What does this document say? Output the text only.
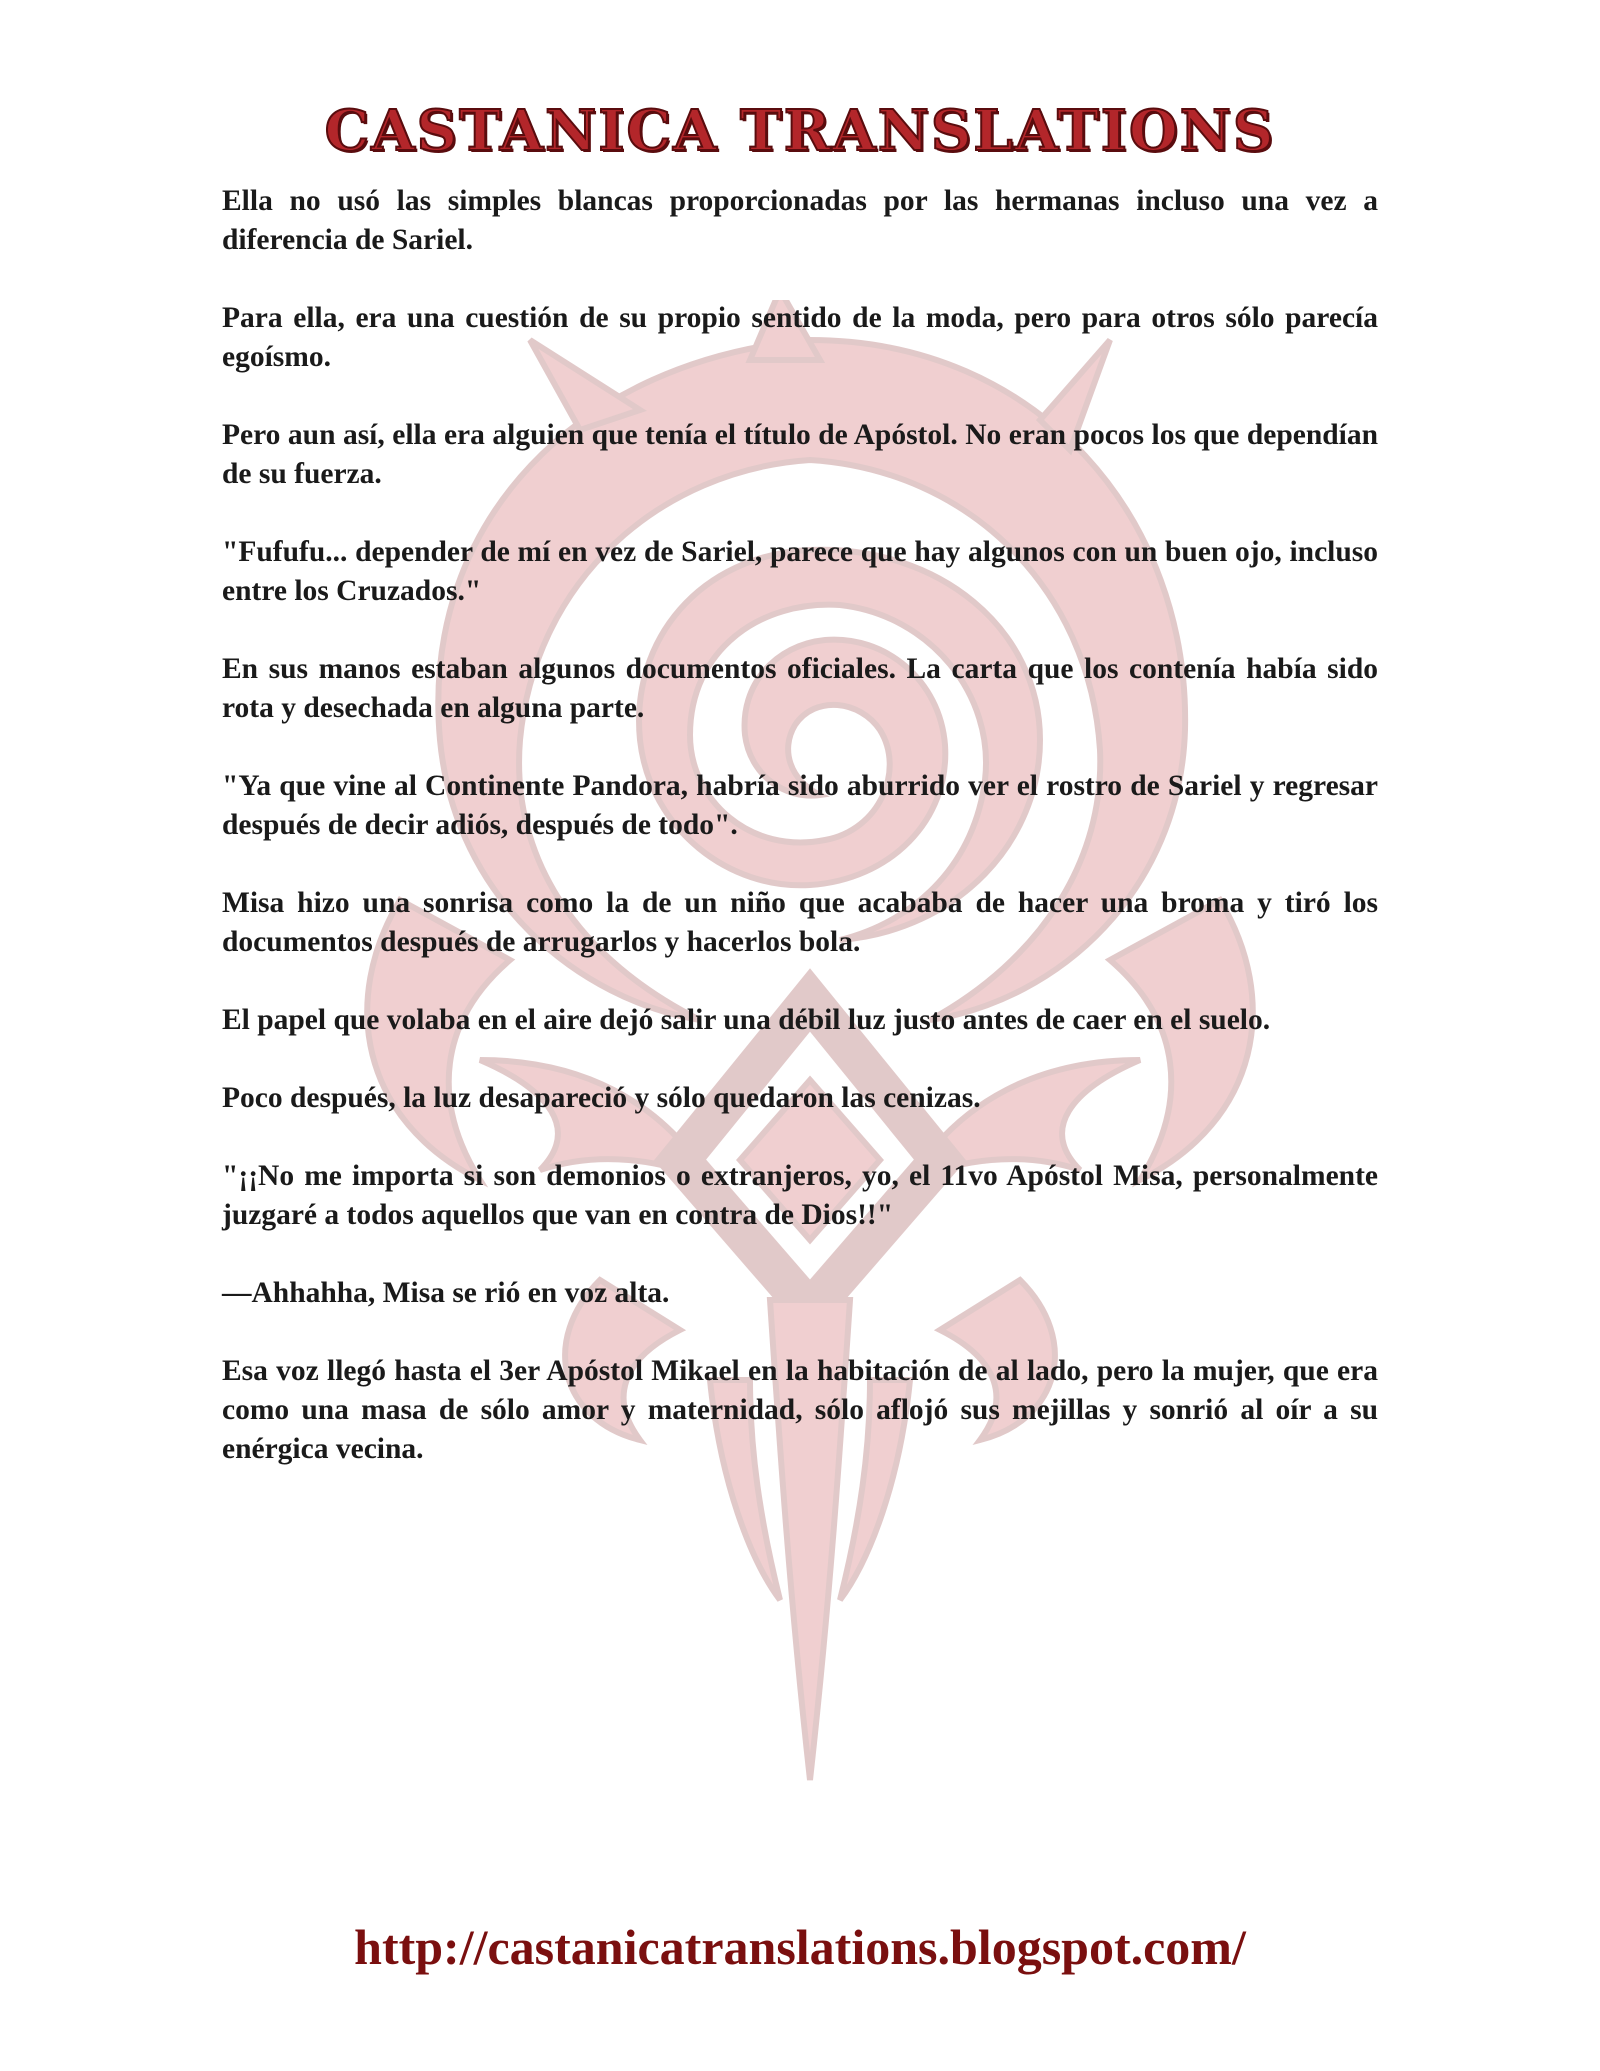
CASTANICA TRANSLATIONS

Ella no usó las simples blancas proporcionadas por las hermanas incluso una vez a diferencia de Sariel.

Para ella, era una cuestión de su propio sentido de la moda, pero para otros sólo parecía egoísmo.

Pero aun así, ella era alguien que tenía el título de Apóstol. No eran pocos los que dependían de su fuerza.

"Fufufu... depender de mí en vez de Sariel, parece que hay algunos con un buen ojo, incluso entre los Cruzados."

En sus manos estaban algunos documentos oficiales. La carta que los contenía había sido rota y desechada en alguna parte.

"Ya que vine al Continente Pandora, habría sido aburrido ver el rostro de Sariel y regresar después de decir adiós, después de todo".

Misa hizo una sonrisa como la de un niño que acababa de hacer una broma y tiró los documentos después de arrugarlos y hacerlos bola.

El papel que volaba en el aire dejó salir una débil luz justo antes de caer en el suelo.

Poco después, la luz desapareció y sólo quedaron las cenizas.

"¡¡No me importa si son demonios o extranjeros, yo, el 11vo Apóstol Misa, personalmente juzgaré a todos aquellos que van en contra de Dios!!"

—Ahhahha, Misa se rió en voz alta.

Esa voz llegó hasta el 3er Apóstol Mikael en la habitación de al lado, pero la mujer, que era como una masa de sólo amor y maternidad, sólo aflojó sus mejillas y sonrió al oír a su enérgica vecina.

http://castanicatranslations.blogspot.com/
